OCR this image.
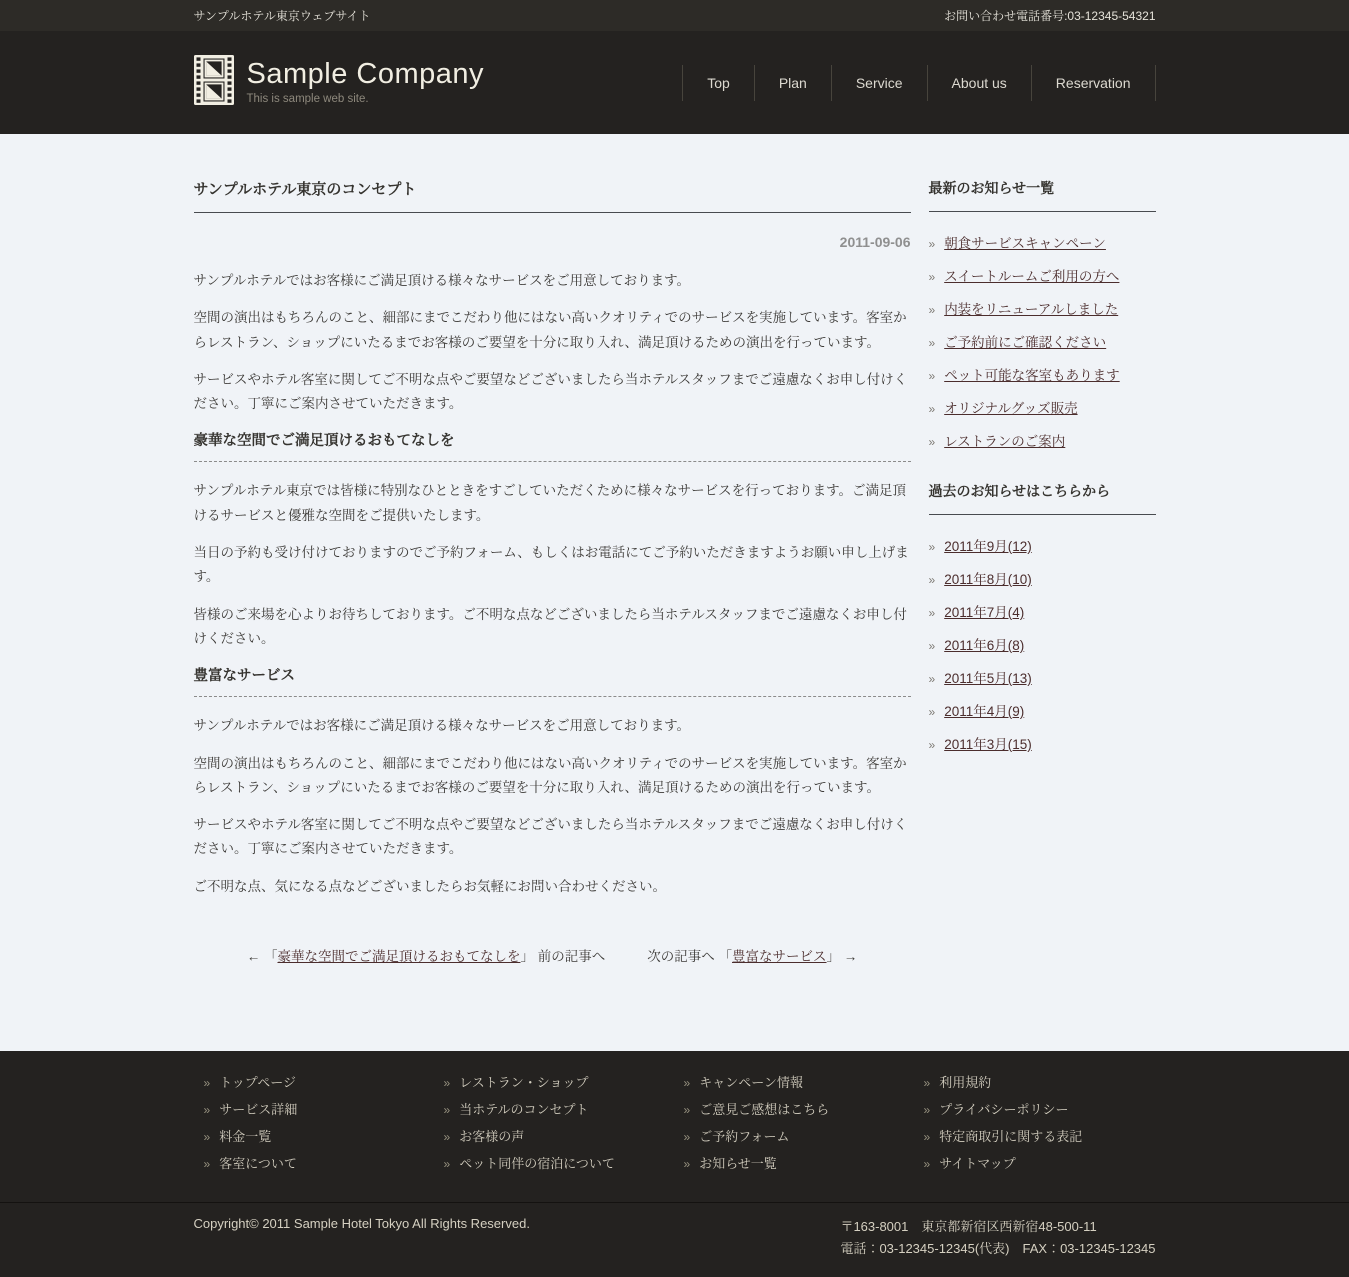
サンプルホテル東京ウェブサイト	お問い合わせ電話番号:03-12345-54321
Sample Company
This is sample web site.
Top	Plan	Service	About us	Reservation
サンプルホテル東京のコンセプト
2011-09-06

サンプルホテルではお客様にご満足頂ける様々なサービスをご用意しております。

空間の演出はもちろんのこと、細部にまでこだわり他にはない高いクオリティでのサービスを実施しています。客室からレストラン、ショップにいたるまでお客様のご要望を十分に取り入れ、満足頂けるための演出を行っています。

サービスやホテル客室に関してご不明な点やご要望などございましたら当ホテルスタッフまでご遠慮なくお申し付けください。丁寧にご案内させていただきます。

豪華な空間でご満足頂けるおもてなしを

サンプルホテル東京では皆様に特別なひとときをすごしていただくために様々なサービスを行っております。ご満足頂けるサービスと優雅な空間をご提供いたします。

当日の予約も受け付けておりますのでご予約フォーム、もしくはお電話にてご予約いただきますようお願い申し上げます。

皆様のご来場を心よりお待ちしております。ご不明な点などございましたら当ホテルスタッフまでご遠慮なくお申し付けください。

豊富なサービス

サンプルホテルではお客様にご満足頂ける様々なサービスをご用意しております。

空間の演出はもちろんのこと、細部にまでこだわり他にはない高いクオリティでのサービスを実施しています。客室からレストラン、ショップにいたるまでお客様のご要望を十分に取り入れ、満足頂けるための演出を行っています。

サービスやホテル客室に関してご不明な点やご要望などございましたら当ホテルスタッフまでご遠慮なくお申し付けください。丁寧にご案内させていただきます。

ご不明な点、気になる点などございましたらお気軽にお問い合わせください。

← 「豪華な空間でご満足頂けるおもてなしを」 前の記事へ	次の記事へ 「豊富なサービス」 →
最新のお知らせ一覧
» 朝食サービスキャンペーン
» スイートルームご利用の方へ
» 内装をリニューアルしました
» ご予約前にご確認ください
» ペット可能な客室もあります
» オリジナルグッズ販売
» レストランのご案内
過去のお知らせはこちらから
» 2011年9月(12)
» 2011年8月(10)
» 2011年7月(4)
» 2011年6月(8)
» 2011年5月(13)
» 2011年4月(9)
» 2011年3月(15)
» トップページ
» サービス詳細
» 料金一覧
» 客室について
» レストラン・ショップ
» 当ホテルのコンセプト
» お客様の声
» ペット同伴の宿泊について
» キャンペーン情報
» ご意見ご感想はこちら
» ご予約フォーム
» お知らせ一覧
» 利用規約
» プライバシーポリシー
» 特定商取引に関する表記
» サイトマップ
Copyright© 2011 Sample Hotel Tokyo All Rights Reserved.	〒163-8001　東京都新宿区西新宿48-500-11
電話：03-12345-12345(代表)　FAX：03-12345-12345
